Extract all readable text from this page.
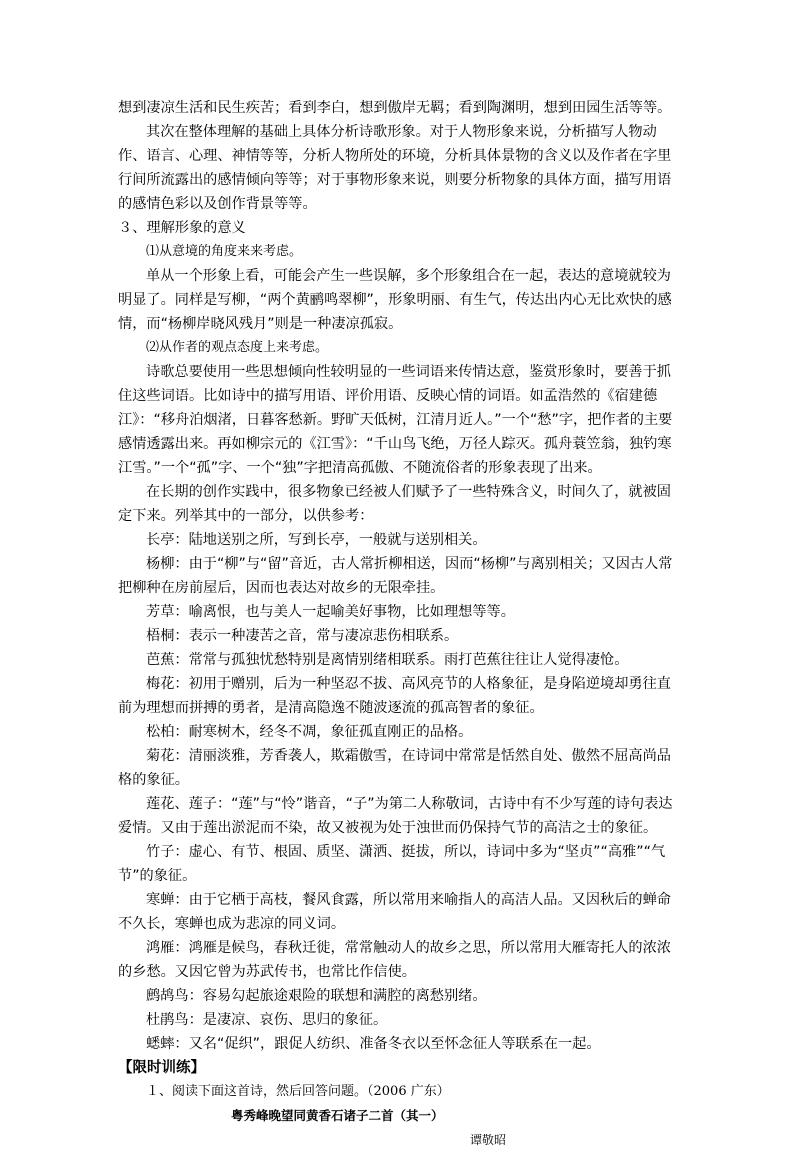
想到凄凉生活和民生疾苦；看到李白，想到傲岸无羁；看到陶渊明，想到田园生活等等。

其次在整体理解的基础上具体分析诗歌形象。对于人物形象来说，分析描写人物动作、语言、心理、神情等等，分析人物所处的环境，分析具体景物的含义以及作者在字里行间所流露出的感情倾向等等；对于事物形象来说，则要分析物象的具体方面，描写用语的感情色彩以及创作背景等等。

３、理解形象的意义

⑴从意境的角度来来考虑。

单从一个形象上看，可能会产生一些误解，多个形象组合在一起，表达的意境就较为明显了。同样是写柳，“两个黄鹂鸣翠柳”，形象明丽、有生气，传达出内心无比欢快的感情，而“杨柳岸晓风残月”则是一种凄凉孤寂。

⑵从作者的观点态度上来考虑。

诗歌总要使用一些思想倾向性较明显的一些词语来传情达意，鉴赏形象时，要善于抓住这些词语。比如诗中的描写用语、评价用语、反映心情的词语。如孟浩然的《宿建德江》：“移舟泊烟渚，日暮客愁新。野旷天低树，江清月近人。”一个“愁”字，把作者的主要感情透露出来。再如柳宗元的《江雪》：“千山鸟飞绝，万径人踪灭。孤舟蓑笠翁，独钓寒江雪。”一个“孤”字、一个“独”字把清高孤傲、不随流俗者的形象表现了出来。

在长期的创作实践中，很多物象已经被人们赋予了一些特殊含义，时间久了，就被固定下来。列举其中的一部分，以供参考：

长亭：陆地送别之所，写到长亭，一般就与送别相关。

杨柳：由于“柳”与“留”音近，古人常折柳相送，因而“杨柳”与离别相关；又因古人常把柳种在房前屋后，因而也表达对故乡的无限牵挂。

芳草：喻离恨，也与美人一起喻美好事物，比如理想等等。

梧桐：表示一种凄苦之音，常与凄凉悲伤相联系。

芭蕉：常常与孤独忧愁特别是离情别绪相联系。雨打芭蕉往往让人觉得凄怆。

梅花：初用于赠别，后为一种坚忍不拔、高风亮节的人格象征，是身陷逆境却勇往直前为理想而拼搏的勇者，是清高隐逸不随波逐流的孤高智者的象征。

松柏：耐寒树木，经冬不凋，象征孤直刚正的品格。

菊花：清丽淡雅，芳香袭人，欺霜傲雪，在诗词中常常是恬然自处、傲然不屈高尚品格的象征。

莲花、莲子：“莲”与“怜”谐音，“子”为第二人称敬词，古诗中有不少写莲的诗句表达爱情。又由于莲出淤泥而不染，故又被视为处于浊世而仍保持气节的高洁之士的象征。

竹子：虚心、有节、根固、质坚、潇洒、挺拔，所以，诗词中多为“坚贞”“高雅”“气节”的象征。

寒蝉：由于它栖于高枝，餐风食露，所以常用来喻指人的高洁人品。又因秋后的蝉命不久长，寒蝉也成为悲凉的同义词。

鸿雁：鸿雁是候鸟，春秋迁徙，常常触动人的故乡之思，所以常用大雁寄托人的浓浓的乡愁。又因它曾为苏武传书，也常比作信使。

鹧鸪鸟：容易勾起旅途艰险的联想和满腔的离愁别绪。

杜鹃鸟：是凄凉、哀伤、思归的象征。

蟋蟀：又名“促织”，跟促人纺织、准备冬衣以至怀念征人等联系在一起。

【限时训练】

１、阅读下面这首诗，然后回答问题。（2006 广东）

粤秀峰晚望同黄香石诸子二首（其一）

谭敬昭
